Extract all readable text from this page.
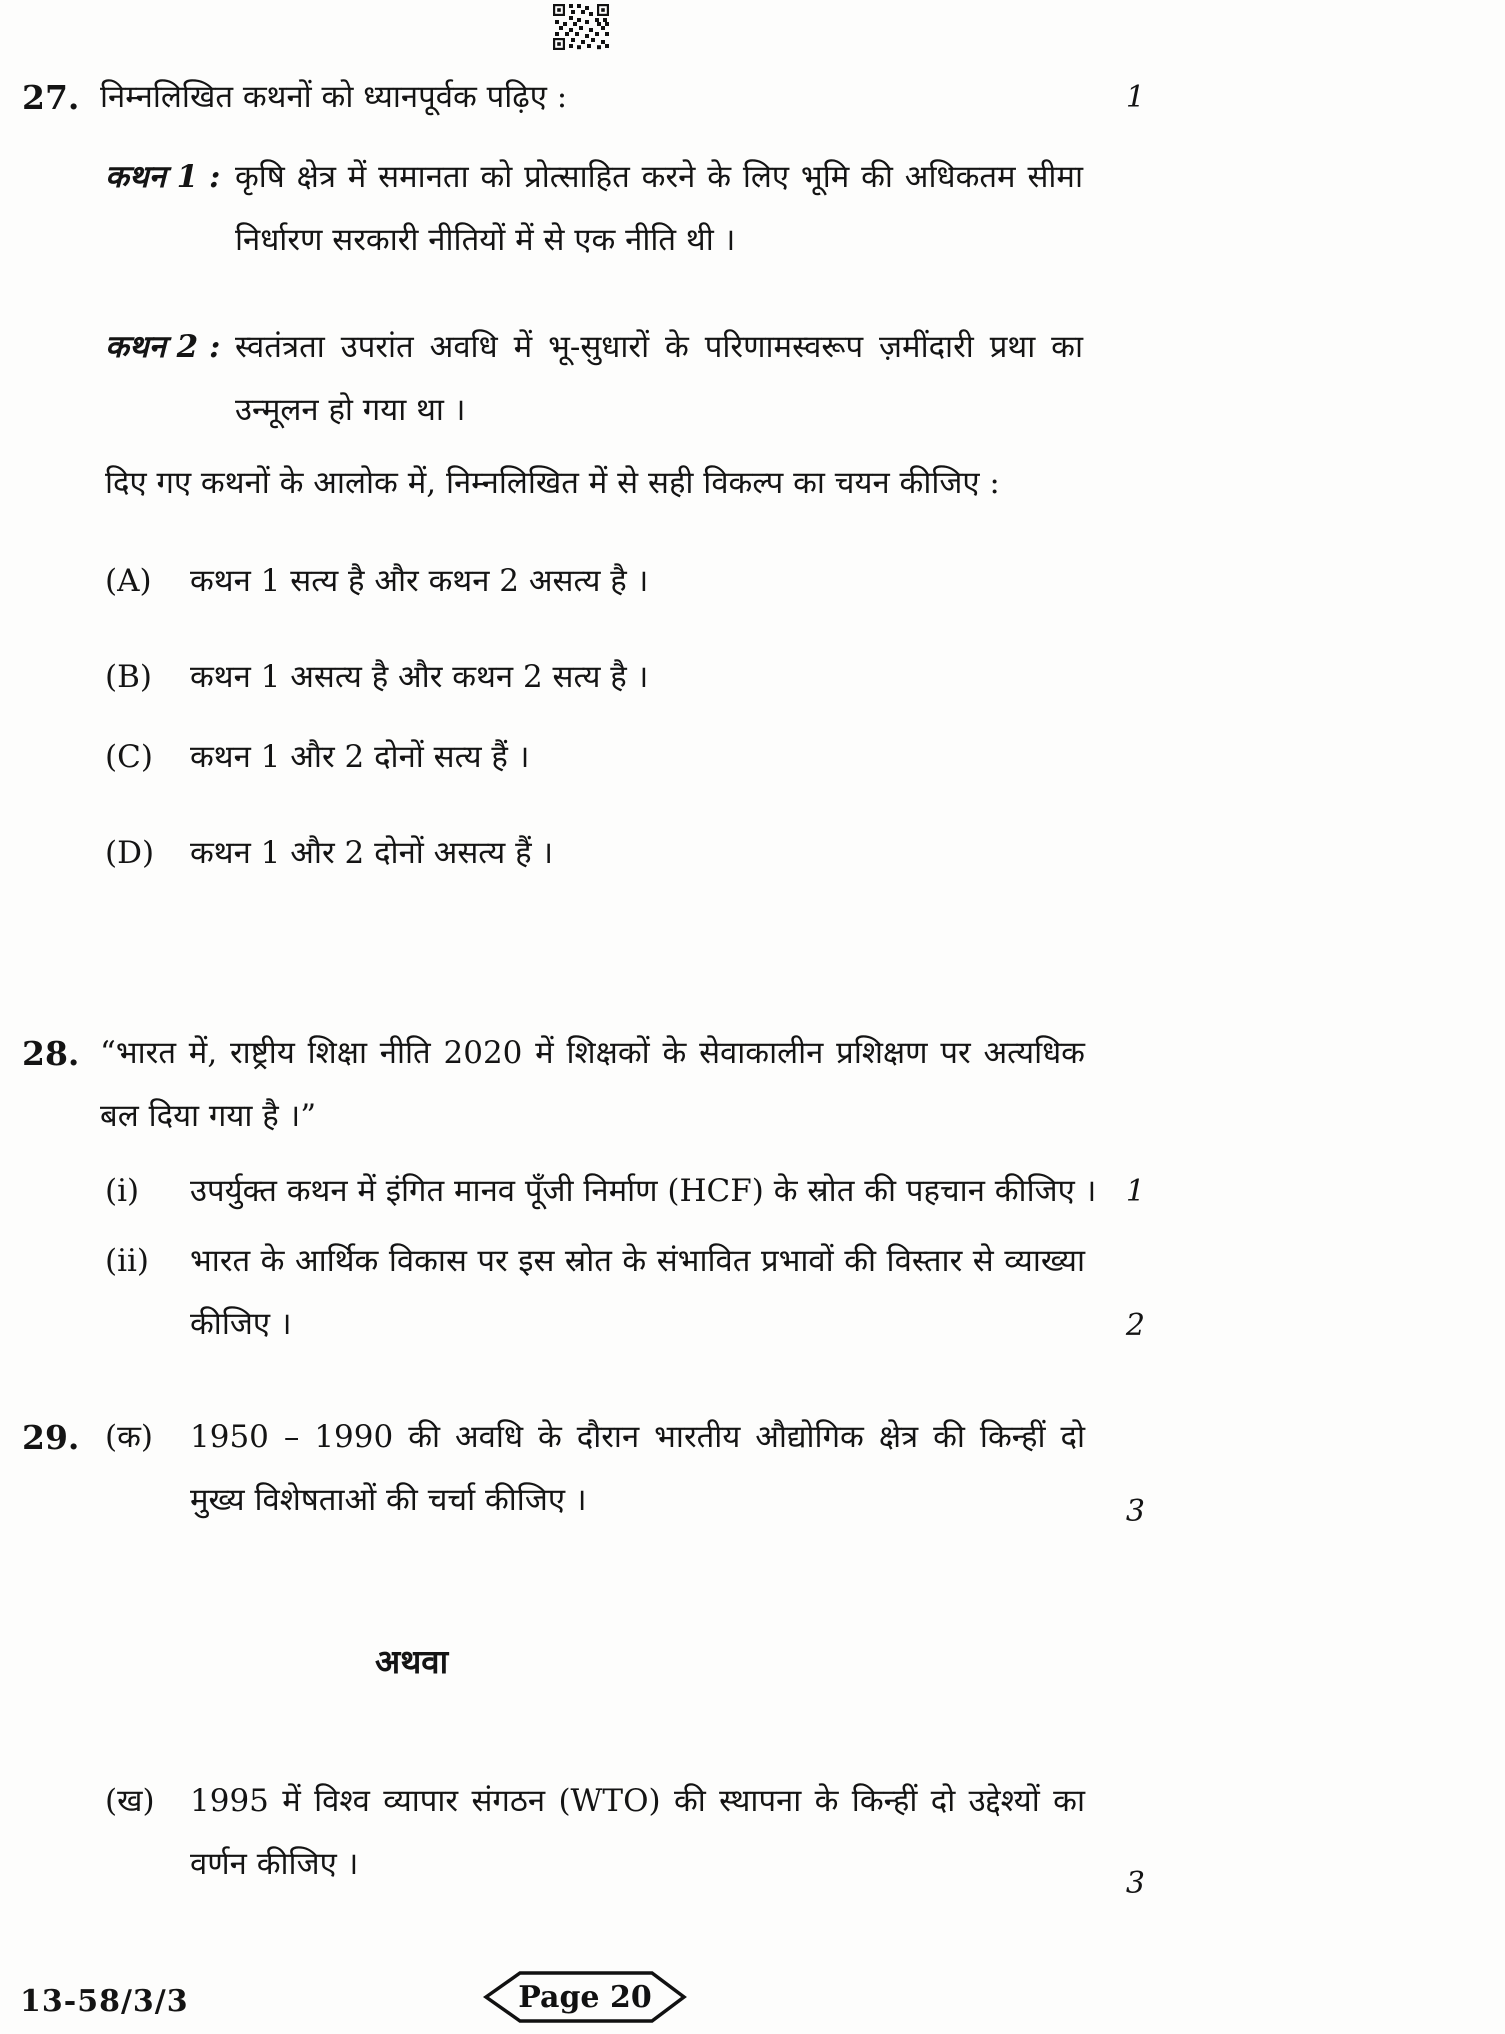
27. निम्नलिखित कथनों को ध्यानपूर्वक पढ़िए :	1
कथन 1 : कृषि क्षेत्र में समानता को प्रोत्साहित करने के लिए भूमि की अधिकतम सीमा निर्धारण सरकारी नीतियों में से एक नीति थी ।
कथन 2 : स्वतंत्रता उपरांत अवधि में भू-सुधारों के परिणामस्वरूप ज़मींदारी प्रथा का उन्मूलन हो गया था ।
दिए गए कथनों के आलोक में, निम्नलिखित में से सही विकल्प का चयन कीजिए :
(A) कथन 1 सत्य है और कथन 2 असत्य है ।
(B) कथन 1 असत्य है और कथन 2 सत्य है ।
(C) कथन 1 और 2 दोनों सत्य हैं ।
(D) कथन 1 और 2 दोनों असत्य हैं ।
28. “भारत में, राष्ट्रीय शिक्षा नीति 2020 में शिक्षकों के सेवाकालीन प्रशिक्षण पर अत्यधिक बल दिया गया है ।”
(i) उपर्युक्त कथन में इंगित मानव पूँजी निर्माण (HCF) के स्रोत की पहचान कीजिए । 1
(ii) भारत के आर्थिक विकास पर इस स्रोत के संभावित प्रभावों की विस्तार से व्याख्या कीजिए ।	2
29. (क) 1950 – 1990 की अवधि के दौरान भारतीय औद्योगिक क्षेत्र की किन्हीं दो मुख्य विशेषताओं की चर्चा कीजिए ।	3
अथवा
(ख) 1995 में विश्व व्यापार संगठन (WTO) की स्थापना के किन्हीं दो उद्देश्यों का वर्णन कीजिए ।
3
13-58/3/3	Page 20
